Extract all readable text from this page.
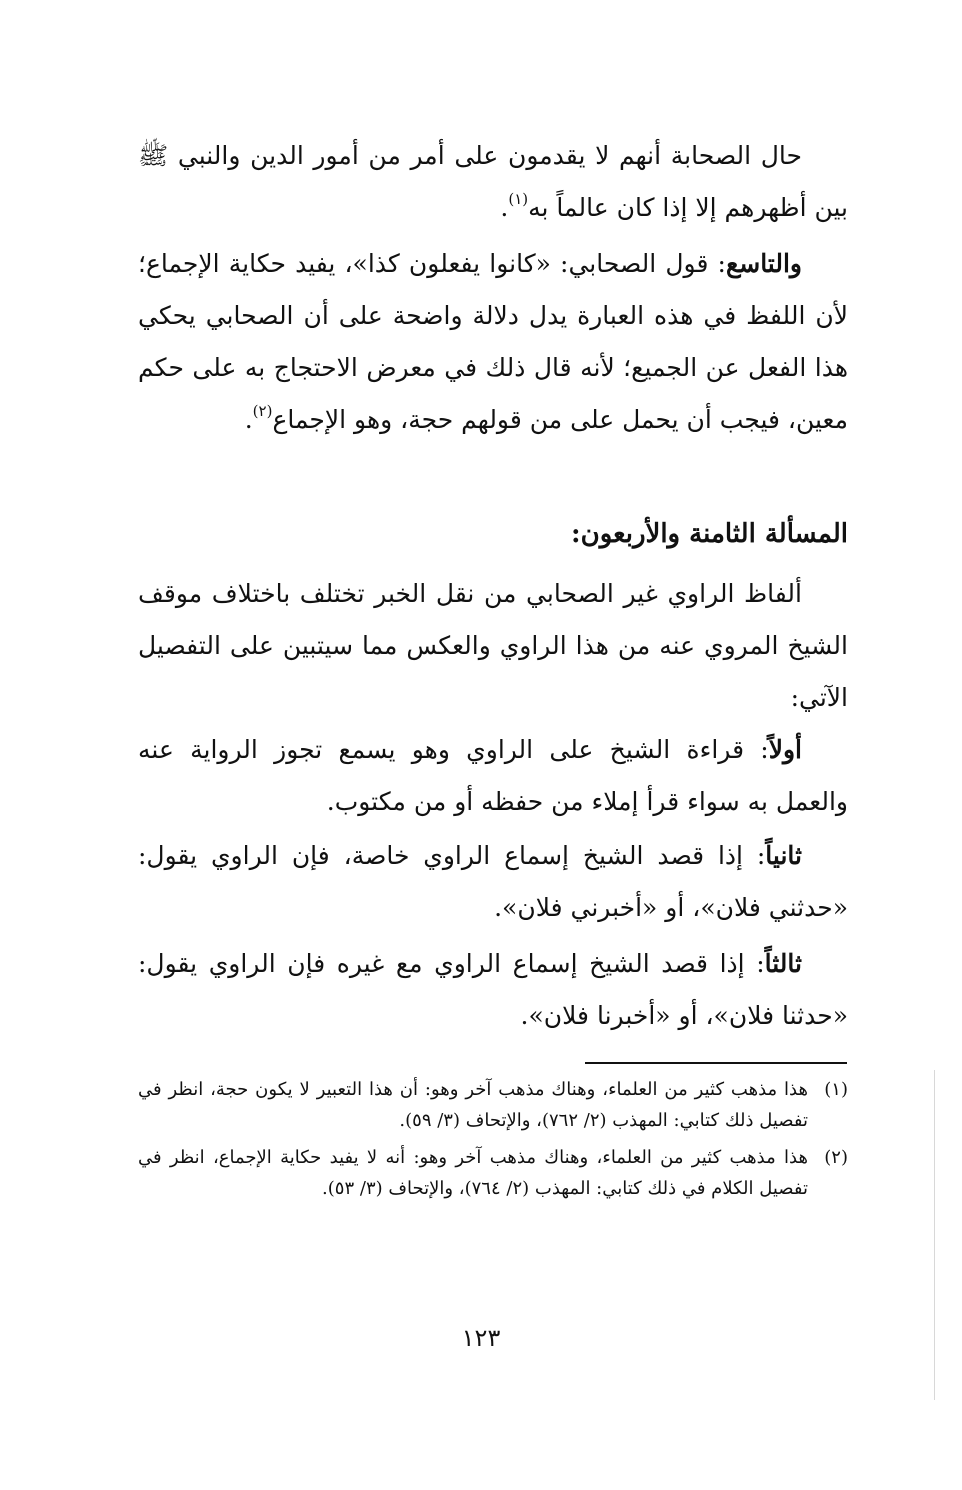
حال الصحابة أنهم لا يقدمون على أمر من أمور الدين والنبي ﷺ بين أظهرهم إلا إذا كان عالماً به$^{(١)}$.

والتاسع: قول الصحابي: «كانوا يفعلون كذا»، يفيد حكاية الإجماع؛ لأن اللفظ في هذه العبارة يدل دلالة واضحة على أن الصحابي يحكي هذا الفعل عن الجميع؛ لأنه قال ذلك في معرض الاحتجاج به على حكم معين، فيجب أن يحمل على من قولهم حجة، وهو الإجماع$^{(٢)}$.

المسألة الثامنة والأربعون:

ألفاظ الراوي غير الصحابي من نقل الخبر تختلف باختلاف موقف الشيخ المروي عنه من هذا الراوي والعكس مما سيتبين على التفصيل الآتي:

أولاً: قراءة الشيخ على الراوي وهو يسمع تجوز الرواية عنه والعمل به سواء قرأ إملاء من حفظه أو من مكتوب.

ثانياً: إذا قصد الشيخ إسماع الراوي خاصة، فإن الراوي يقول: «حدثني فلان»، أو «أخبرني فلان».

ثالثاً: إذا قصد الشيخ إسماع الراوي مع غيره فإن الراوي يقول: «حدثنا فلان»، أو «أخبرنا فلان».

(١)
هذا مذهب كثير من العلماء، وهناك مذهب آخر وهو: أن هذا التعبير لا يكون حجة، انظر في تفصيل ذلك كتابي: المهذب (٢/ ٧٦٢)، والإتحاف (٣/ ٥٩).
(٢)
هذا مذهب كثير من العلماء، وهناك مذهب آخر وهو: أنه لا يفيد حكاية الإجماع، انظر في تفصيل الكلام في ذلك كتابي: المهذب (٢/ ٧٦٤)، والإتحاف (٣/ ٥٣).
١٢٣
